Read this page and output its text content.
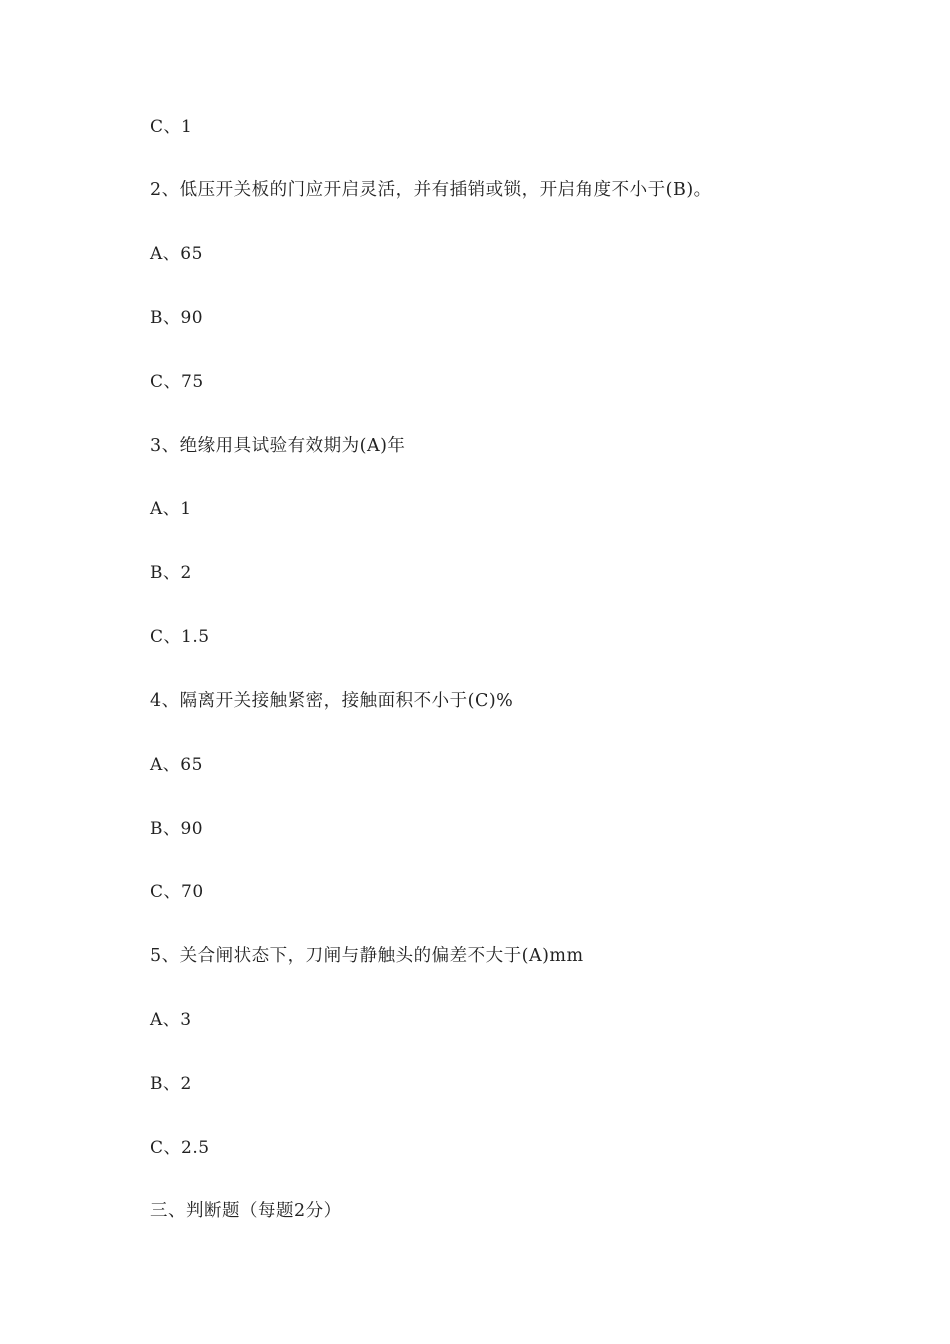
C、1
2、低压开关板的门应开启灵活，并有插销或锁，开启角度不小于(B)。
A、65
B、90
C、75
3、绝缘用具试验有效期为(A)年
A、1
B、2
C、1.5
4、隔离开关接触紧密，接触面积不小于(C)%
A、65
B、90
C、70
5、关合闸状态下，刀闸与静触头的偏差不大于(A)mm
A、3
B、2
C、2.5
三、判断题（每题2分）
